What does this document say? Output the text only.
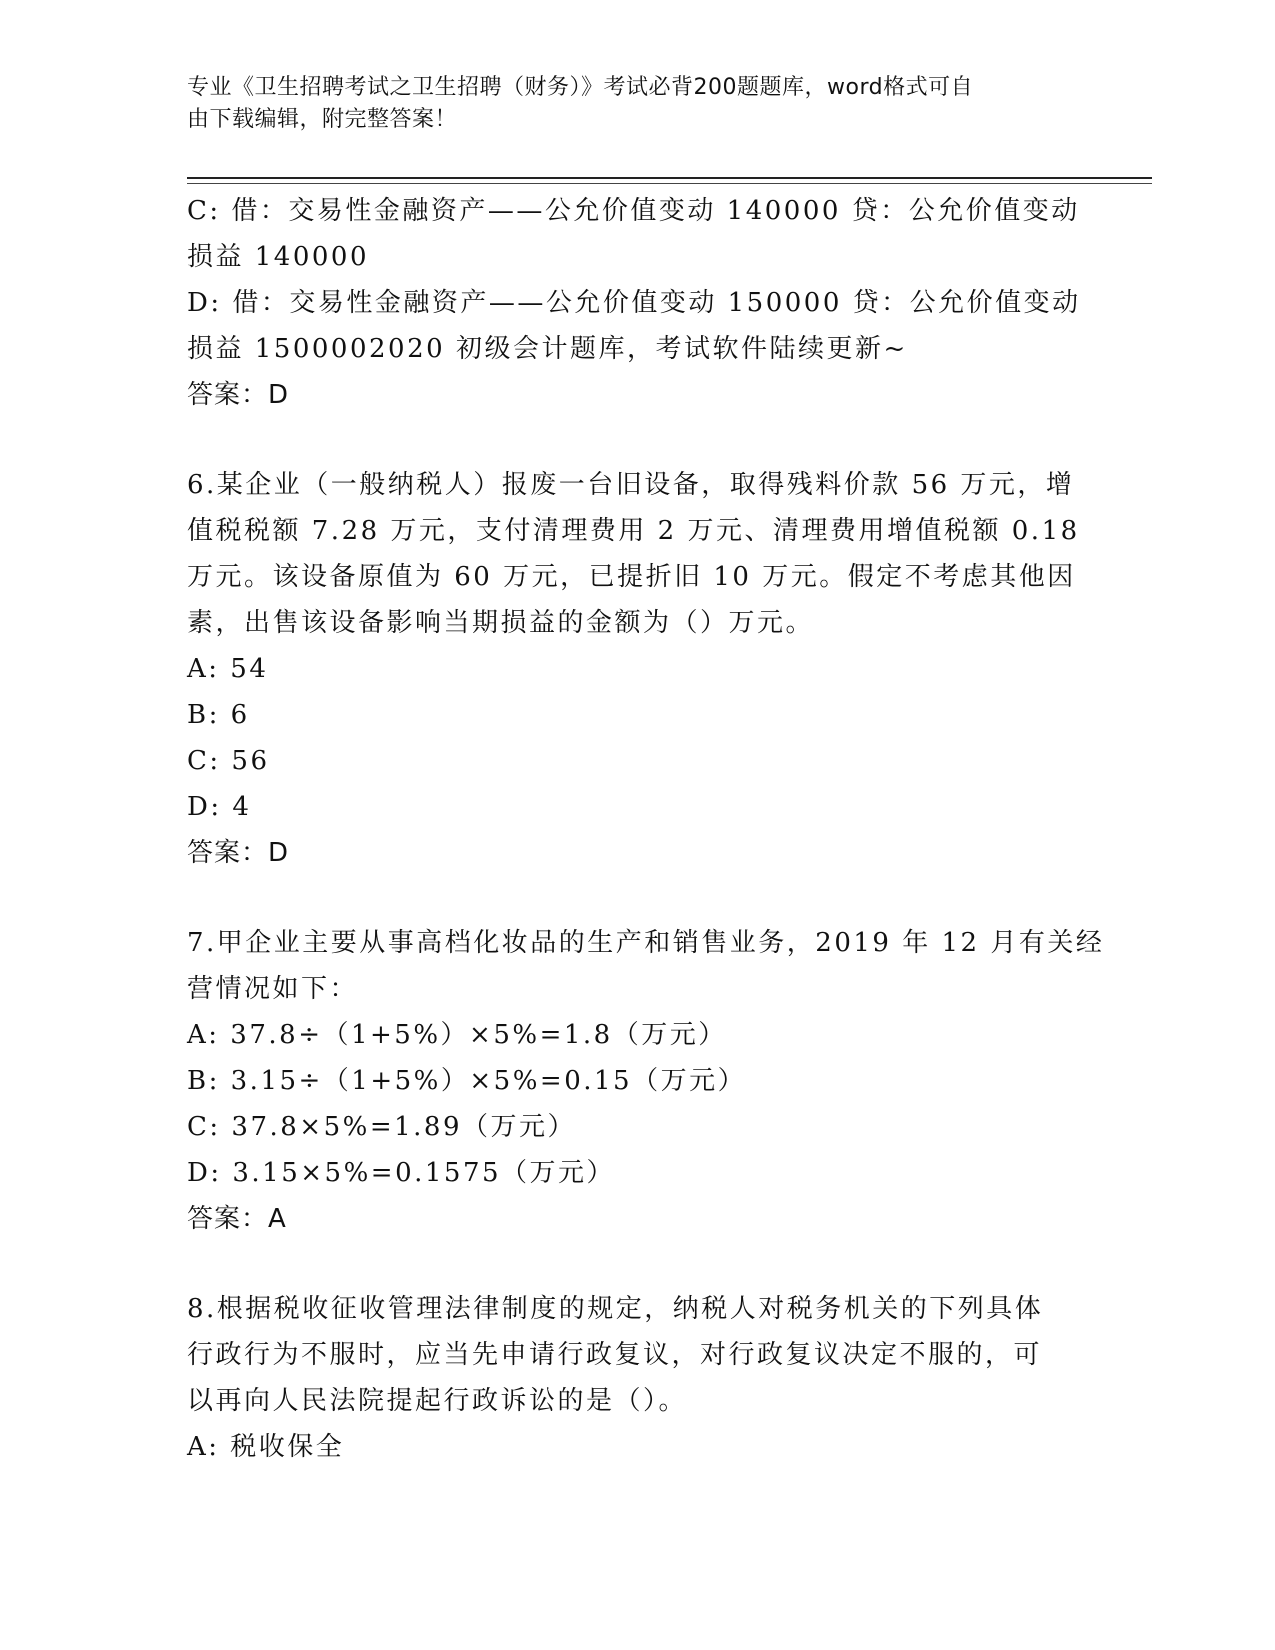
专业《卫生招聘考试之卫生招聘（财务）》考试必背200题题库，word格式可自
由下载编辑，附完整答案！
C: 借：交易性金融资产——公允价值变动 140000 贷：公允价值变动
损益 140000
D: 借：交易性金融资产——公允价值变动 150000 贷：公允价值变动
损益 1500002020 初级会计题库，考试软件陆续更新~
答案：D
6.某企业（一般纳税人）报废一台旧设备，取得残料价款 56 万元，增
值税税额 7.28 万元，支付清理费用 2 万元、清理费用增值税额 0.18
万元。该设备原值为 60 万元，已提折旧 10 万元。假定不考虑其他因
素，出售该设备影响当期损益的金额为（）万元。
A: 54
B: 6
C: 56
D: 4
答案：D
7.甲企业主要从事高档化妆品的生产和销售业务，2019 年 12 月有关经
营情况如下：
A: 37.8÷（1+5%）×5%=1.8（万元）
B: 3.15÷（1+5%）×5%=0.15（万元）
C: 37.8×5%=1.89（万元）
D: 3.15×5%=0.1575（万元）
答案：A
8.根据税收征收管理法律制度的规定，纳税人对税务机关的下列具体
行政行为不服时，应当先申请行政复议，对行政复议决定不服的，可
以再向人民法院提起行政诉讼的是（）。
A: 税收保全
